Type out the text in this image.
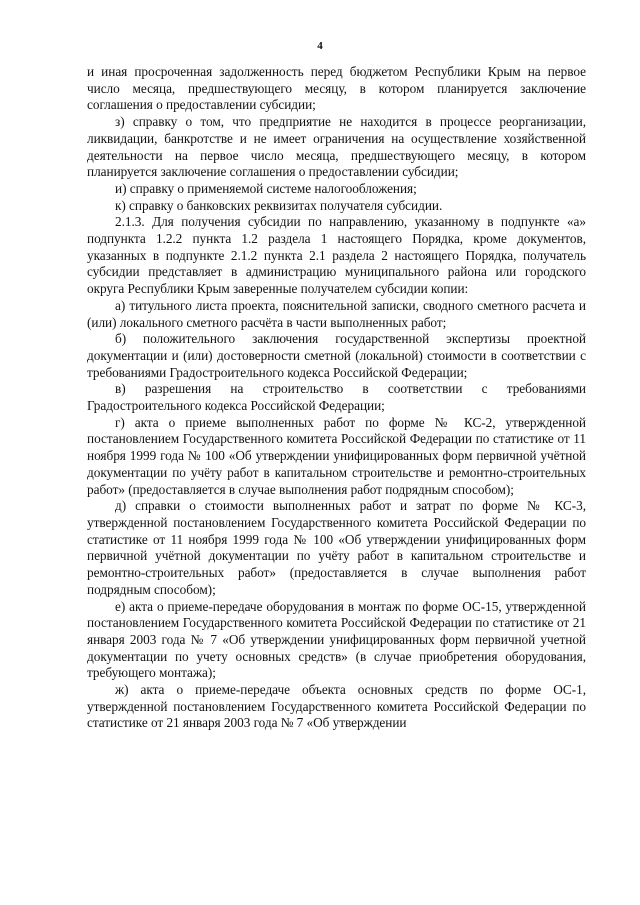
4

и иная просроченная задолженность перед бюджетом Республики Крым на первое число месяца, предшествующего месяцу, в котором планируется заключение соглашения о предоставлении субсидии;

з) справку о том, что предприятие не находится в процессе реорганизации, ликвидации, банкротстве и не имеет ограничения на осуществление хозяйственной деятельности на первое число месяца, предшествующего месяцу, в котором планируется заключение соглашения о предоставлении субсидии;

и) справку о применяемой системе налогообложения;

к) справку о банковских реквизитах получателя субсидии.

2.1.3. Для получения субсидии по направлению, указанному в подпункте «а» подпункта 1.2.2 пункта 1.2 раздела 1 настоящего Порядка, кроме документов, указанных в подпункте 2.1.2 пункта 2.1 раздела 2 настоящего Порядка, получатель субсидии представляет в администрацию муниципального района или городского округа Республики Крым заверенные получателем субсидии копии:

а) титульного листа проекта, пояснительной записки, сводного сметного расчета и (или) локального сметного расчёта в части выполненных работ;

б) положительного заключения государственной экспертизы проектной документации и (или) достоверности сметной (локальной) стоимости в соответствии с требованиями Градостроительного кодекса Российской Федерации;

в) разрешения на строительство в соответствии с требованиями Градостроительного кодекса Российской Федерации;

г) акта о приеме выполненных работ по форме № КС-2, утвержденной постановлением Государственного комитета Российской Федерации по статистике от 11 ноября 1999 года № 100 «Об утверждении унифицированных форм первичной учётной документации по учёту работ в капитальном строительстве и ремонтно-строительных работ» (предоставляется в случае выполнения работ подрядным способом);

д) справки о стоимости выполненных работ и затрат по форме № КС-3, утвержденной постановлением Государственного комитета Российской Федерации по статистике от 11 ноября 1999 года № 100 «Об утверждении унифицированных форм первичной учётной документации по учёту работ в капитальном строительстве и ремонтно-строительных работ» (предоставляется в случае выполнения работ подрядным способом);

е) акта о приеме-передаче оборудования в монтаж по форме ОС-15, утвержденной постановлением Государственного комитета Российской Федерации по статистике от 21 января 2003 года № 7 «Об утверждении унифицированных форм первичной учетной документации по учету основных средств» (в случае приобретения оборудования, требующего монтажа);

ж) акта о приеме-передаче объекта основных средств по форме ОС-1, утвержденной постановлением Государственного комитета Российской Федерации по статистике от 21 января 2003 года № 7 «Об утверждении
